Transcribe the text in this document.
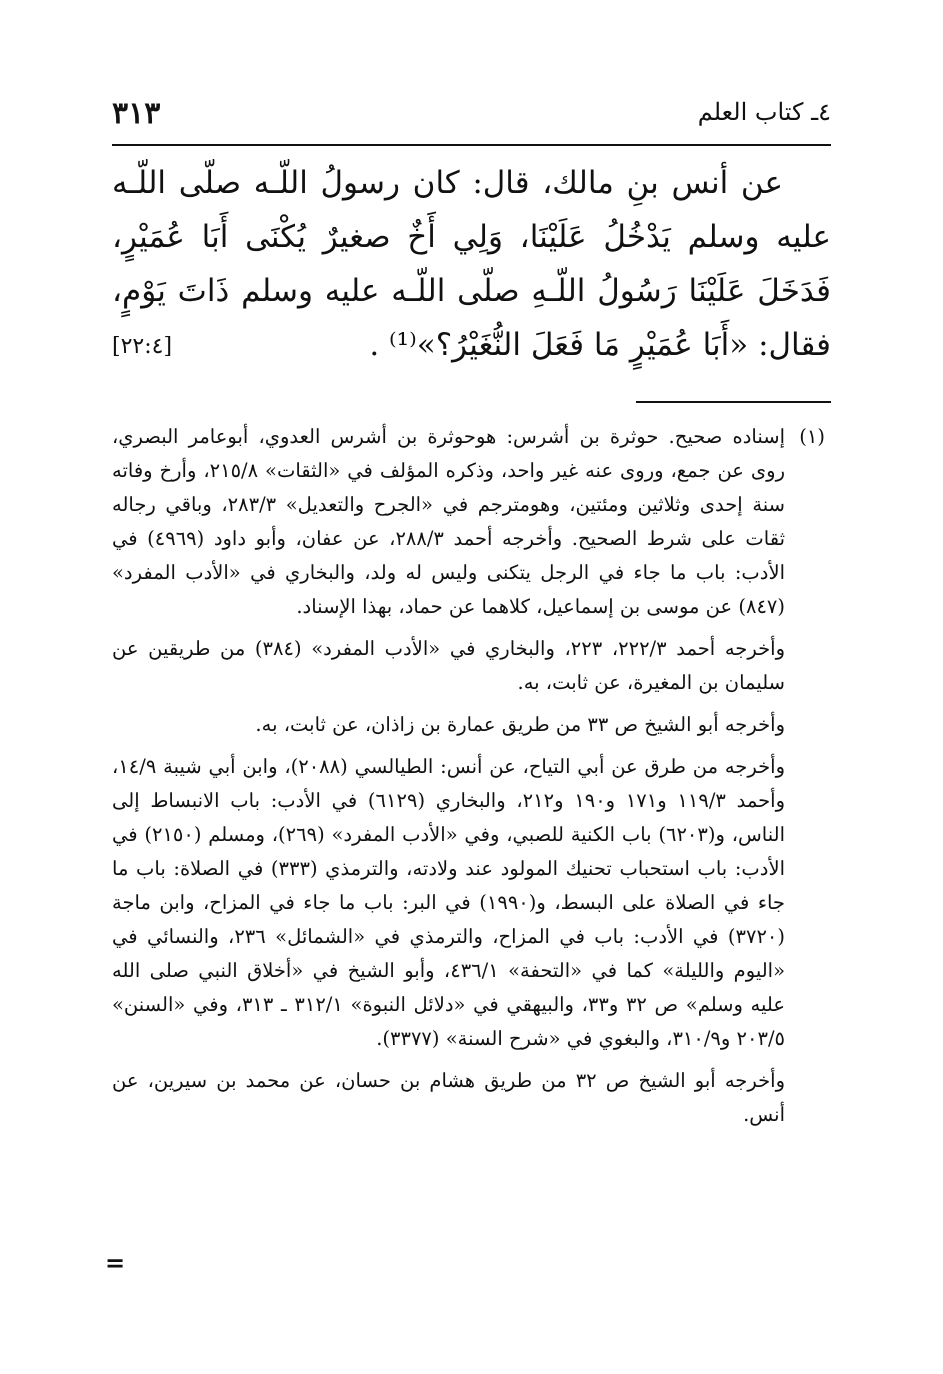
٤ـ كتاب العلم
٣١٣

عن أنس بنِ مالك، قال: كان رسولُ اللّـه صلّى اللّـه عليه وسلم يَدْخُلُ عَلَيْنَا، وَلِي أَخٌ صغيرٌ يُكْنَى أَبَا عُمَيْرٍ، فَدَخَلَ عَلَيْنَا رَسُولُ اللّـهِ صلّى اللّـه عليه وسلم ذَاتَ يَوْمٍ، فقال: «أَبَا عُمَيْرٍ مَا فَعَلَ النُّغَيْرُ؟»⁽¹⁾ .

[٢٢:٤]
(١)
إسناده صحيح. حوثرة بن أشرس: هوحوثرة بن أشرس العدوي، أبوعامر البصري، روى عن جمع، وروى عنه غير واحد، وذكره المؤلف في «الثقات» ٢١٥/٨، وأرخ وفاته سنة إحدى وثلاثين ومئتين، وهومترجم في «الجرح والتعديل» ٢٨٣/٣، وباقي رجاله ثقات على شرط الصحيح. وأخرجه أحمد ٢٨٨/٣، عن عفان، وأبو داود (٤٩٦٩) في الأدب: باب ما جاء في الرجل يتكنى وليس له ولد، والبخاري في «الأدب المفرد» (٨٤٧) عن موسى بن إسماعيل، كلاهما عن حماد، بهذا الإسناد.

وأخرجه أحمد ٢٢٢/٣، ٢٢٣، والبخاري في «الأدب المفرد» (٣٨٤) من طريقين عن سليمان بن المغيرة، عن ثابت، به.

وأخرجه أبو الشيخ ص ٣٣ من طريق عمارة بن زاذان، عن ثابت، به.

وأخرجه من طرق عن أبي التياح، عن أنس: الطيالسي (٢٠٨٨)، وابن أبي شيبة ١٤/٩، وأحمد ١١٩/٣ و١٧١ و١٩٠ و٢١٢، والبخاري (٦١٢٩) في الأدب: باب الانبساط إلى الناس، و(٦٢٠٣) باب الكنية للصبي، وفي «الأدب المفرد» (٢٦٩)، ومسلم (٢١٥٠) في الأدب: باب استحباب تحنيك المولود عند ولادته، والترمذي (٣٣٣) في الصلاة: باب ما جاء في الصلاة على البسط، و(١٩٩٠) في البر: باب ما جاء في المزاح، وابن ماجة (٣٧٢٠) في الأدب: باب في المزاح، والترمذي في «الشمائل» ٢٣٦، والنسائي في «اليوم والليلة» كما في «التحفة» ٤٣٦/١، وأبو الشيخ في «أخلاق النبي صلى الله عليه وسلم» ص ٣٢ و٣٣، والبيهقي في «دلائل النبوة» ٣١٢/١ ـ ٣١٣، وفي «السنن» ٢٠٣/٥ و٣١٠/٩، والبغوي في «شرح السنة» (٣٣٧٧).

وأخرجه أبو الشيخ ص ٣٢ من طريق هشام بن حسان، عن محمد بن سيرين، عن أنس.

=
